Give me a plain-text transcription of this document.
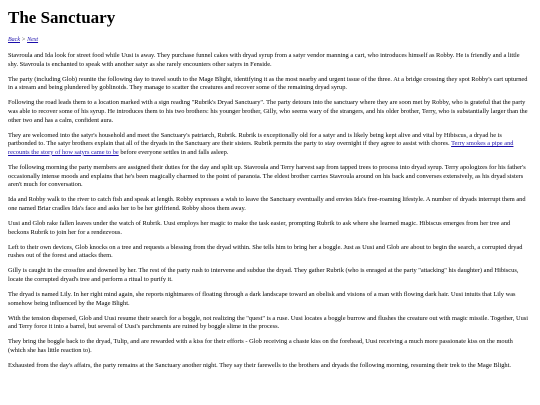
The Sanctuary
Back > Next

Stavroula and Ida look for street food while Uusi is away. They purchase funnel cakes with dryad syrup from a satyr vendor manning a cart, who introduces himself as Robby. He is friendly and a little shy. Stavroula is enchanted to speak with another satyr as she rarely encounters other satyrs in Fenside.

The party (including Glob) reunite the following day to travel south to the Mage Blight, identifying it as the most nearby and urgent issue of the three. At a bridge crossing they spot Robby's cart upturned in a stream and being plundered by goblinoids. They manage to scatter the creatures and recover some of the remaining dryad syrup.

Following the road leads them to a location marked with a sign reading "Rubrik's Dryad Sanctuary". The party detours into the sanctuary where they are soon met by Robby, who is grateful that the party was able to recover some of his syrup. He introduces them to his two brothers: his younger brother, Gilly, who seems wary of the strangers, and his older brother, Terry, who is substantially larger than the other two and has a calm, confident aura.

They are welcomed into the satyr's household and meet the Sanctuary's patriarch, Rubrik. Rubrik is exceptionally old for a satyr and is likely being kept alive and vital by Hibiscus, a dryad he is partbonded to. The satyr brothers explain that all of the dryads in the Sanctuary are their sisters. Rubrik permits the party to stay overnight if they agree to assist with chores. Terry smokes a pipe and recounts the story of how satyrs came to be before everyone settles in and falls asleep.

The following morning the party members are assigned their duties for the day and split up. Stavroula and Terry harvest sap from tapped trees to process into dryad syrup. Terry apologizes for his father's occasionally intense moods and explains that he's been magically charmed to the point of paranoia. The eldest brother carries Stavroula around on his back and converses extensively, as his dryad sisters aren't much for conversation.

Ida and Robby walk to the river to catch fish and speak at length. Robby expresses a wish to leave the Sanctuary eventually and envies Ida's free-roaming lifestyle. A number of dryads interrupt them and one named Briar cradles Ida's face and asks her to be her girlfriend. Robby shoos them away.

Uusi and Glob rake fallen leaves under the watch of Rubrik. Uusi employs her magic to make the task easier, prompting Rubrik to ask where she learned magic. Hibiscus emerges from her tree and beckons Rubrik to join her for a rendezvous.

Left to their own devices, Glob knocks on a tree and requests a blessing from the dryad within. She tells him to bring her a boggle. Just as Uusi and Glob are about to begin the search, a corrupted dryad rushes out of the forest and attacks them.

Gilly is caught in the crossfire and downed by her. The rest of the party rush to intervene and subdue the dryad. They gather Rubrik (who is enraged at the party "attacking" his daughter) and Hibiscus, locate the corrupted dryad's tree and perform a ritual to purify it.

The dryad is named Lily. In her right mind again, she reports nightmares of floating through a dark landscape toward an obelisk and visions of a man with flowing dark hair. Uusi intuits that Lily was somehow being influenced by the Mage Blight.

With the tension dispersed, Glob and Uusi resume their search for a boggle, not realizing the "quest" is a ruse. Uusi locates a boggle burrow and flushes the creature out with magic missile. Together, Uusi and Terry force it into a barrel, but several of Uusi's parchments are ruined by boggle slime in the process.

They bring the boggle back to the dryad, Tulip, and are rewarded with a kiss for their efforts - Glob receiving a chaste kiss on the forehead, Uusi receiving a much more passionate kiss on the mouth (which she has little reaction to).

Exhausted from the day's affairs, the party remains at the Sanctuary another night. They say their farewells to the brothers and dryads the following morning, resuming their trek to the Mage Blight.
